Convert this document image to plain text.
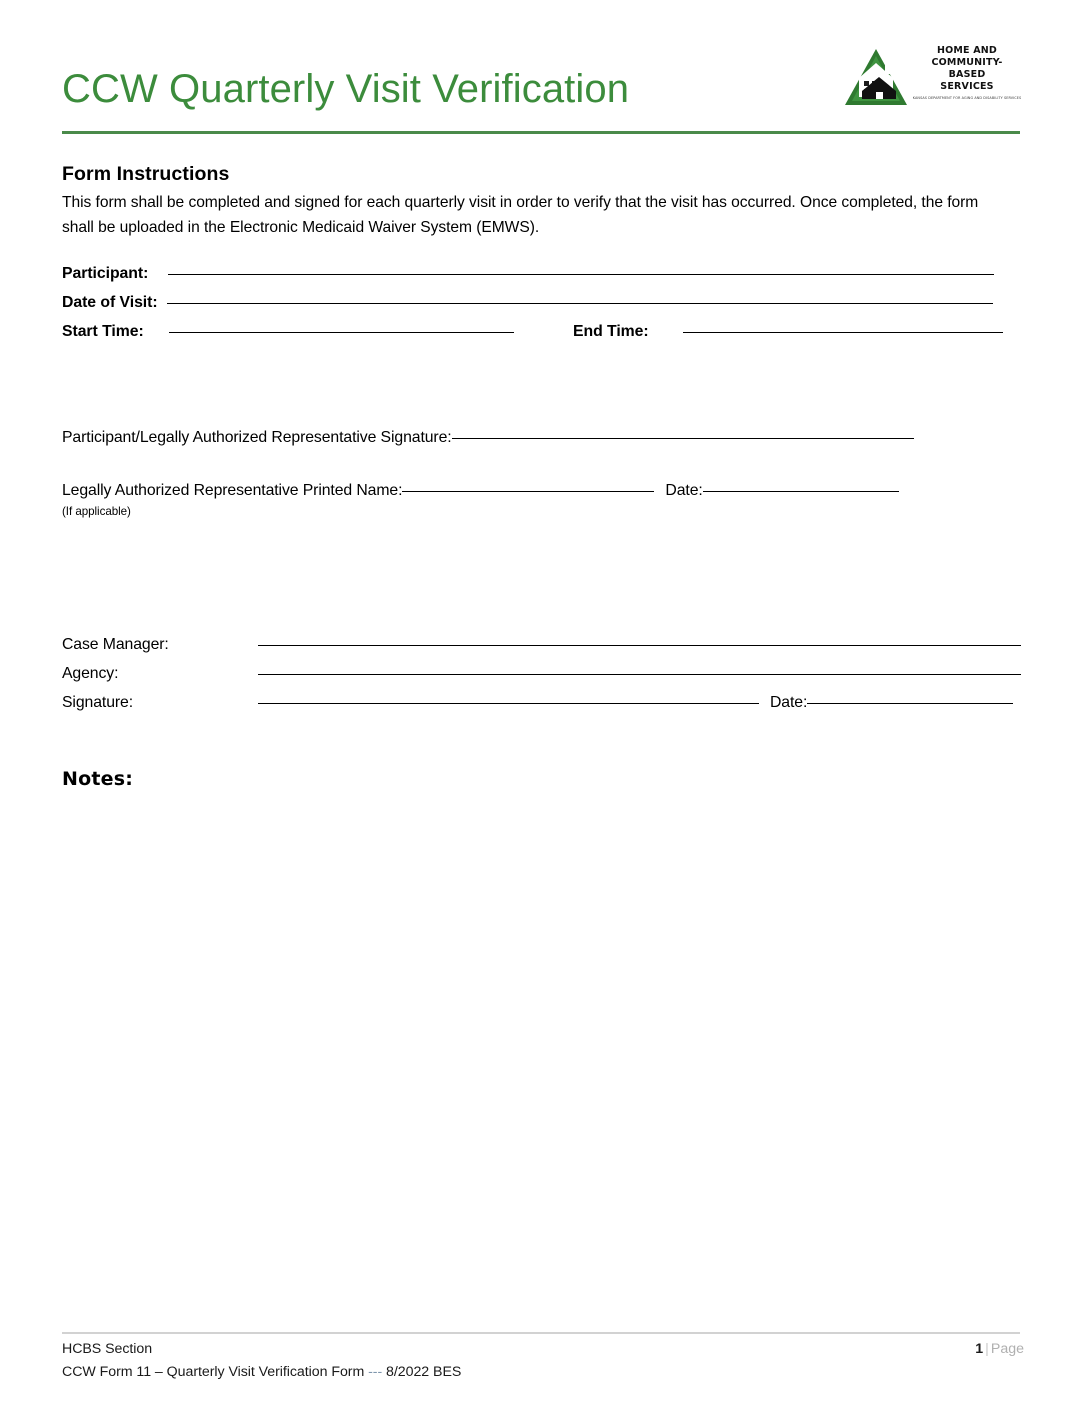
CCW Quarterly Visit Verification
HOME AND
COMMUNITY-
BASED
SERVICES
KANSAS DEPARTMENT FOR AGING AND DISABILITY SERVICES
Form Instructions
This form shall be completed and signed for each quarterly visit in order to verify that the visit has occurred. Once completed, the form shall be uploaded in the Electronic Medicaid Waiver System (EMWS).
Participant:
Date of Visit:
Start Time:	End Time:
Participant/Legally Authorized Representative Signature:
Legally Authorized Representative Printed Name:	Date:
(If applicable)
Case Manager:
Agency:
Signature:	Date:
Notes:
HCBS Section
CCW Form 11 – Quarterly Visit Verification Form --- 8/2022 BES
1 | Page
